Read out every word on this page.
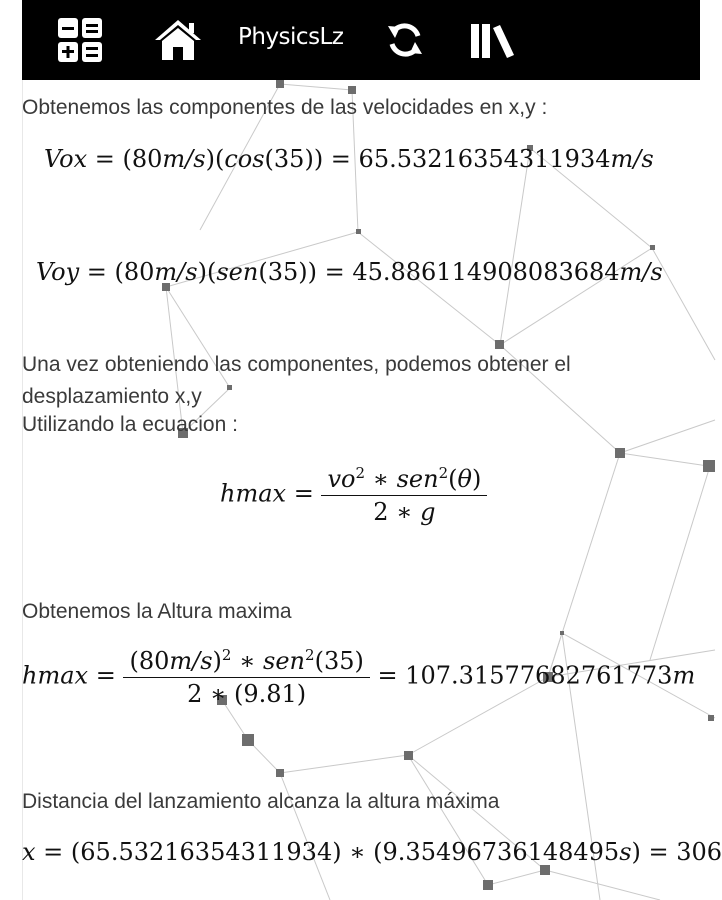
PhysicsLz
Obtenemos las componentes de las velocidades en x,y :
Vox = (80m/s)(cos(35)) = 65.53216354311934m/s
Voy = (80m/s)(sen(35)) = 45.886114908083684m/s
Una vez obteniendo las componentes, podemos obtener el
desplazamiento x,y
Utilizando la ecuacion :
$hmax = \frac{vo^2 ∗ sen^2(\theta)}{2 ∗ g}$
Obtenemos la Altura maxima
$hmax = \frac{(80m/s)^2 ∗ sen^2(35)}{2 ∗ (9.81)} = 107.31577682761773m$
Distancia del lanzamiento alcanza la altura máxima
x = (65.53216354311934) ∗ (9.35496736148495s) = 306
